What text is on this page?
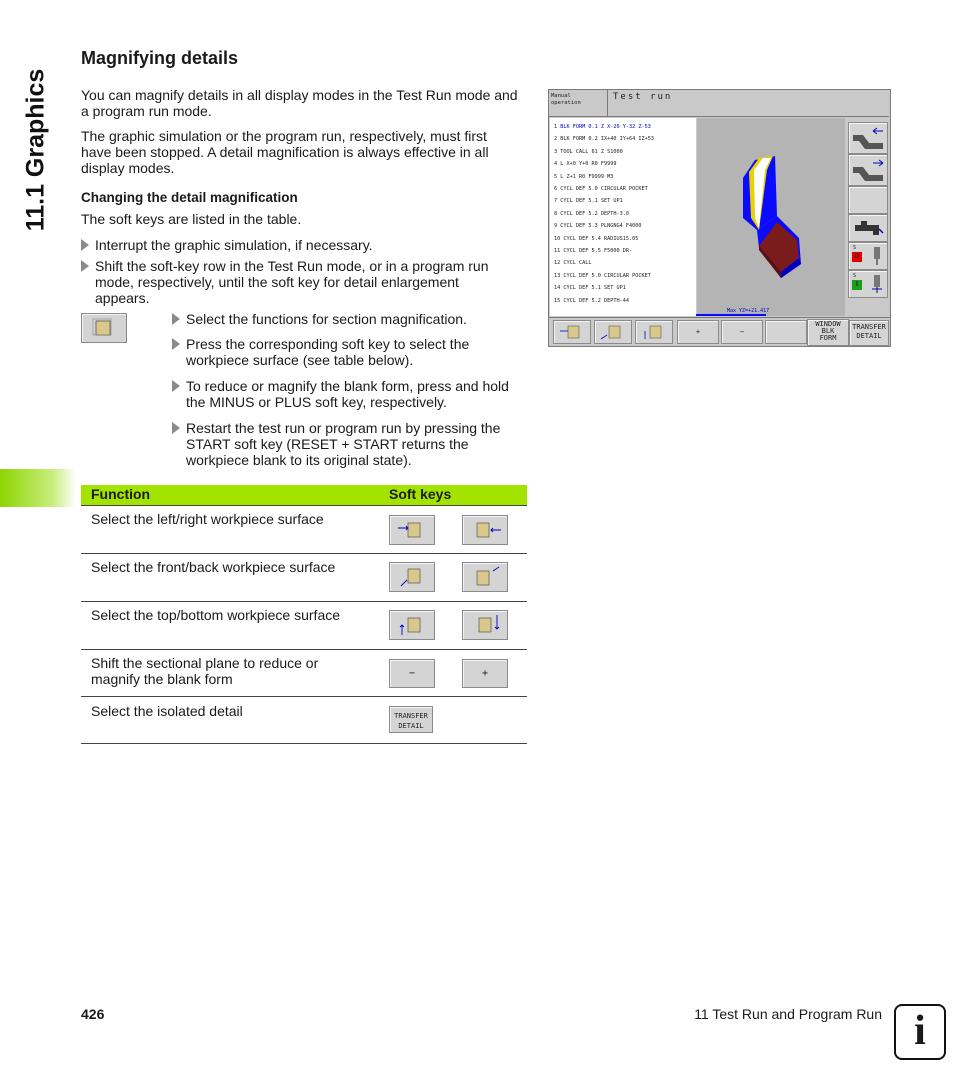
11.1 Graphics
Magnifying details

You can magnify details in all display modes in the Test Run mode and a program run mode.

The graphic simulation or the program run, respectively, must first have been stopped. A detail magnification is always effective in all display modes.

Changing the detail magnification

The soft keys are listed in the table.

Interrupt the graphic simulation, if necessary.
Shift the soft-key row in the Test Run mode, or in a program run mode, respectively, until the soft key for detail enlargement appears.
Select the functions for section magnification.
Press the corresponding soft key to select the workpiece surface (see table below).
To reduce or magnify the blank form, press and hold the MINUS or PLUS soft key, respectively.
Restart the test run or program run by pressing the START soft key (RESET + START returns the workpiece blank to its original state).
Manual
operation
Test run
1 BLK FORM 0.1 Z X-20 Y-32 Z-53
2 BLK FORM 0.2 IX+40 IY+64 IZ+53
3 TOOL CALL 61 Z S1000
4 L X+0 Y+0 R0 F9999
5 L Z+1 R0 F9999 M3
6 CYCL DEF 5.0 CIRCULAR POCKET
7 CYCL DEF 5.1 SET UP1
8 CYCL DEF 5.2 DEPTH-3.0
9 CYCL DEF 5.3 PLNGNG4 F4000
10 CYCL DEF 5.4 RADIUS15.05
11 CYCL DEF 5.5 F5000 DR-
12 CYCL CALL
13 CYCL DEF 5.0 CIRCULAR POCKET
14 CYCL DEF 5.1 SET UP1
15 CYCL DEF 5.2 DEPTH-44
Max YZ=+21.417
S
0
S
I
+	−
WINDOW
BLK
FORM
TRANSFER
DETAIL
Function	Soft keys
Select the left/right workpiece surface
Select the front/back workpiece surface
Select the top/bottom workpiece surface
Shift the sectional plane to reduce or magnify the blank form	−	+
Select the isolated detail	TRANSFER
DETAIL
426	11 Test Run and Program Run i
